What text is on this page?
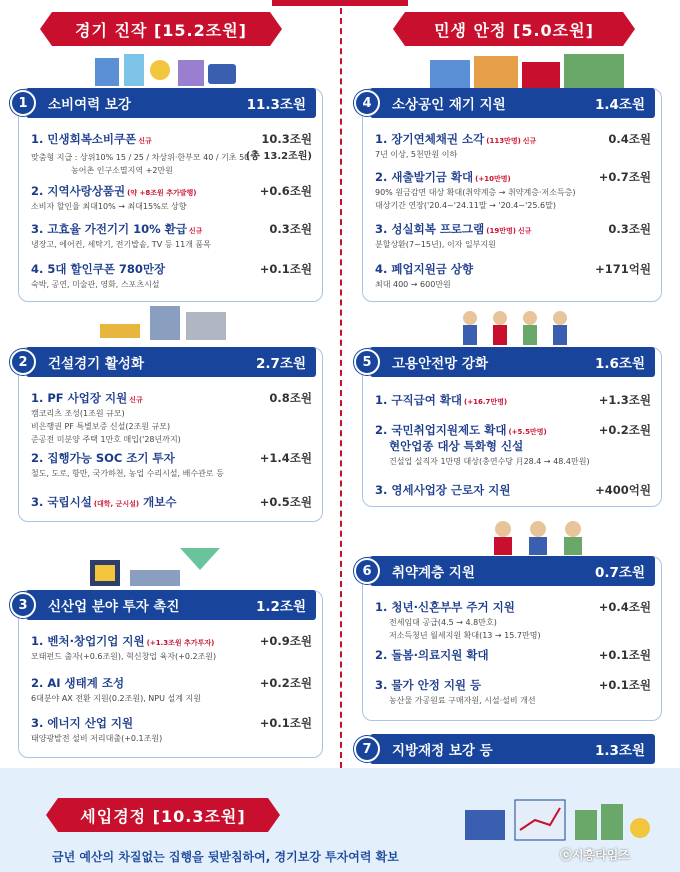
경기 진작 [15.2조원]	민생 안정 [5.0조원]
1. 민생회복소비쿠폰 신규	10.3조원
(총 13.2조원)
맞춤형 지급 : 상위10% 15 / 25 / 차상위·한부모 40 / 기초 50
농어촌 인구소멸지역 +2만원
2. 지역사랑상품권 (약 +8조원 추가발행)	+0.6조원
소비자 할인율 최대10% → 최대15%로 상향
3. 고효율 가전기기 10% 환급 신규	0.3조원
냉장고, 에어컨, 세탁기, 전기밥솥, TV 등 11개 품목
4. 5대 할인쿠폰 780만장	+0.1조원
숙박, 공연, 미술관, 영화, 스포츠시설
소비여력 보강	11.3조원
1
1. PF 사업장 지원 신규	0.8조원
캠코리츠 조성(1조원 규모)
비은행권 PF 특별보증 신설(2조원 규모)
준공전 미분양 주택 1만호 매입('28년까지)
2. 집행가능 SOC 조기 투자	+1.4조원
철도, 도로, 항만, 국가하천, 농업 수리시설, 배수관로 등
3. 국립시설 (대학, 군시설) 개보수	+0.5조원
건설경기 활성화	2.7조원
2
1. 벤처·창업기업 지원 (+1.3조원 추가투자)	+0.9조원
모태펀드 출자(+0.6조원), 혁신창업 육자(+0.2조원)
2. AI 생태계 조성	+0.2조원
6대분야 AX 전환 지원(0.2조원), NPU 설계 지원
3. 에너지 산업 지원	+0.1조원
태양광발전 설비 저리대출(+0.1조원)
신산업 분야 투자 촉진	1.2조원
3
1. 장기연체채권 소각 (113만명) 신규	0.4조원
7년 이상, 5천만원 이하
2. 새출발기금 확대 (+10만명)	+0.7조원
90% 원금감면 대상 확대(취약계층 → 취약계층·저소득층)
대상기간 연장('20.4~'24.11말 → '20.4~'25.6말)
3. 성실회복 프로그램 (19만명) 신규	0.3조원
분할상환(7~15년), 이자 일부지원
4. 폐업지원금 상향	+171억원
최대 400 → 600만원
소상공인 재기 지원	1.4조원
4
1. 구직급여 확대 (+16.7만명)	+1.3조원
2. 국민취업지원제도 확대 (+5.5만명)	+0.2조원
현안업종 대상 특화형 신설
건설업 실직자 1만명 대상(충연수당 月28.4 → 48.4만원)
3. 영세사업장 근로자 지원	+400억원
고용안전망 강화	1.6조원
5
1. 청년·신혼부부 주거 지원	+0.4조원
전세임대 공급(4.5 → 4.8만호)
저소득청년 월세지원 확대(13 → 15.7만명)
2. 돌봄·의료지원 확대	+0.1조원
3. 물가 안정 지원 등	+0.1조원
농산물 가공원료 구매자원, 시설·설비 개선
취약계층 지원	0.7조원
6
지방재정 보강 등	1.3조원
7
세입경정 [10.3조원]
금년 예산의 차질없는 집행을 뒷받침하여, 경기보강 투자여력 확보	ⓒ시흥타임즈
